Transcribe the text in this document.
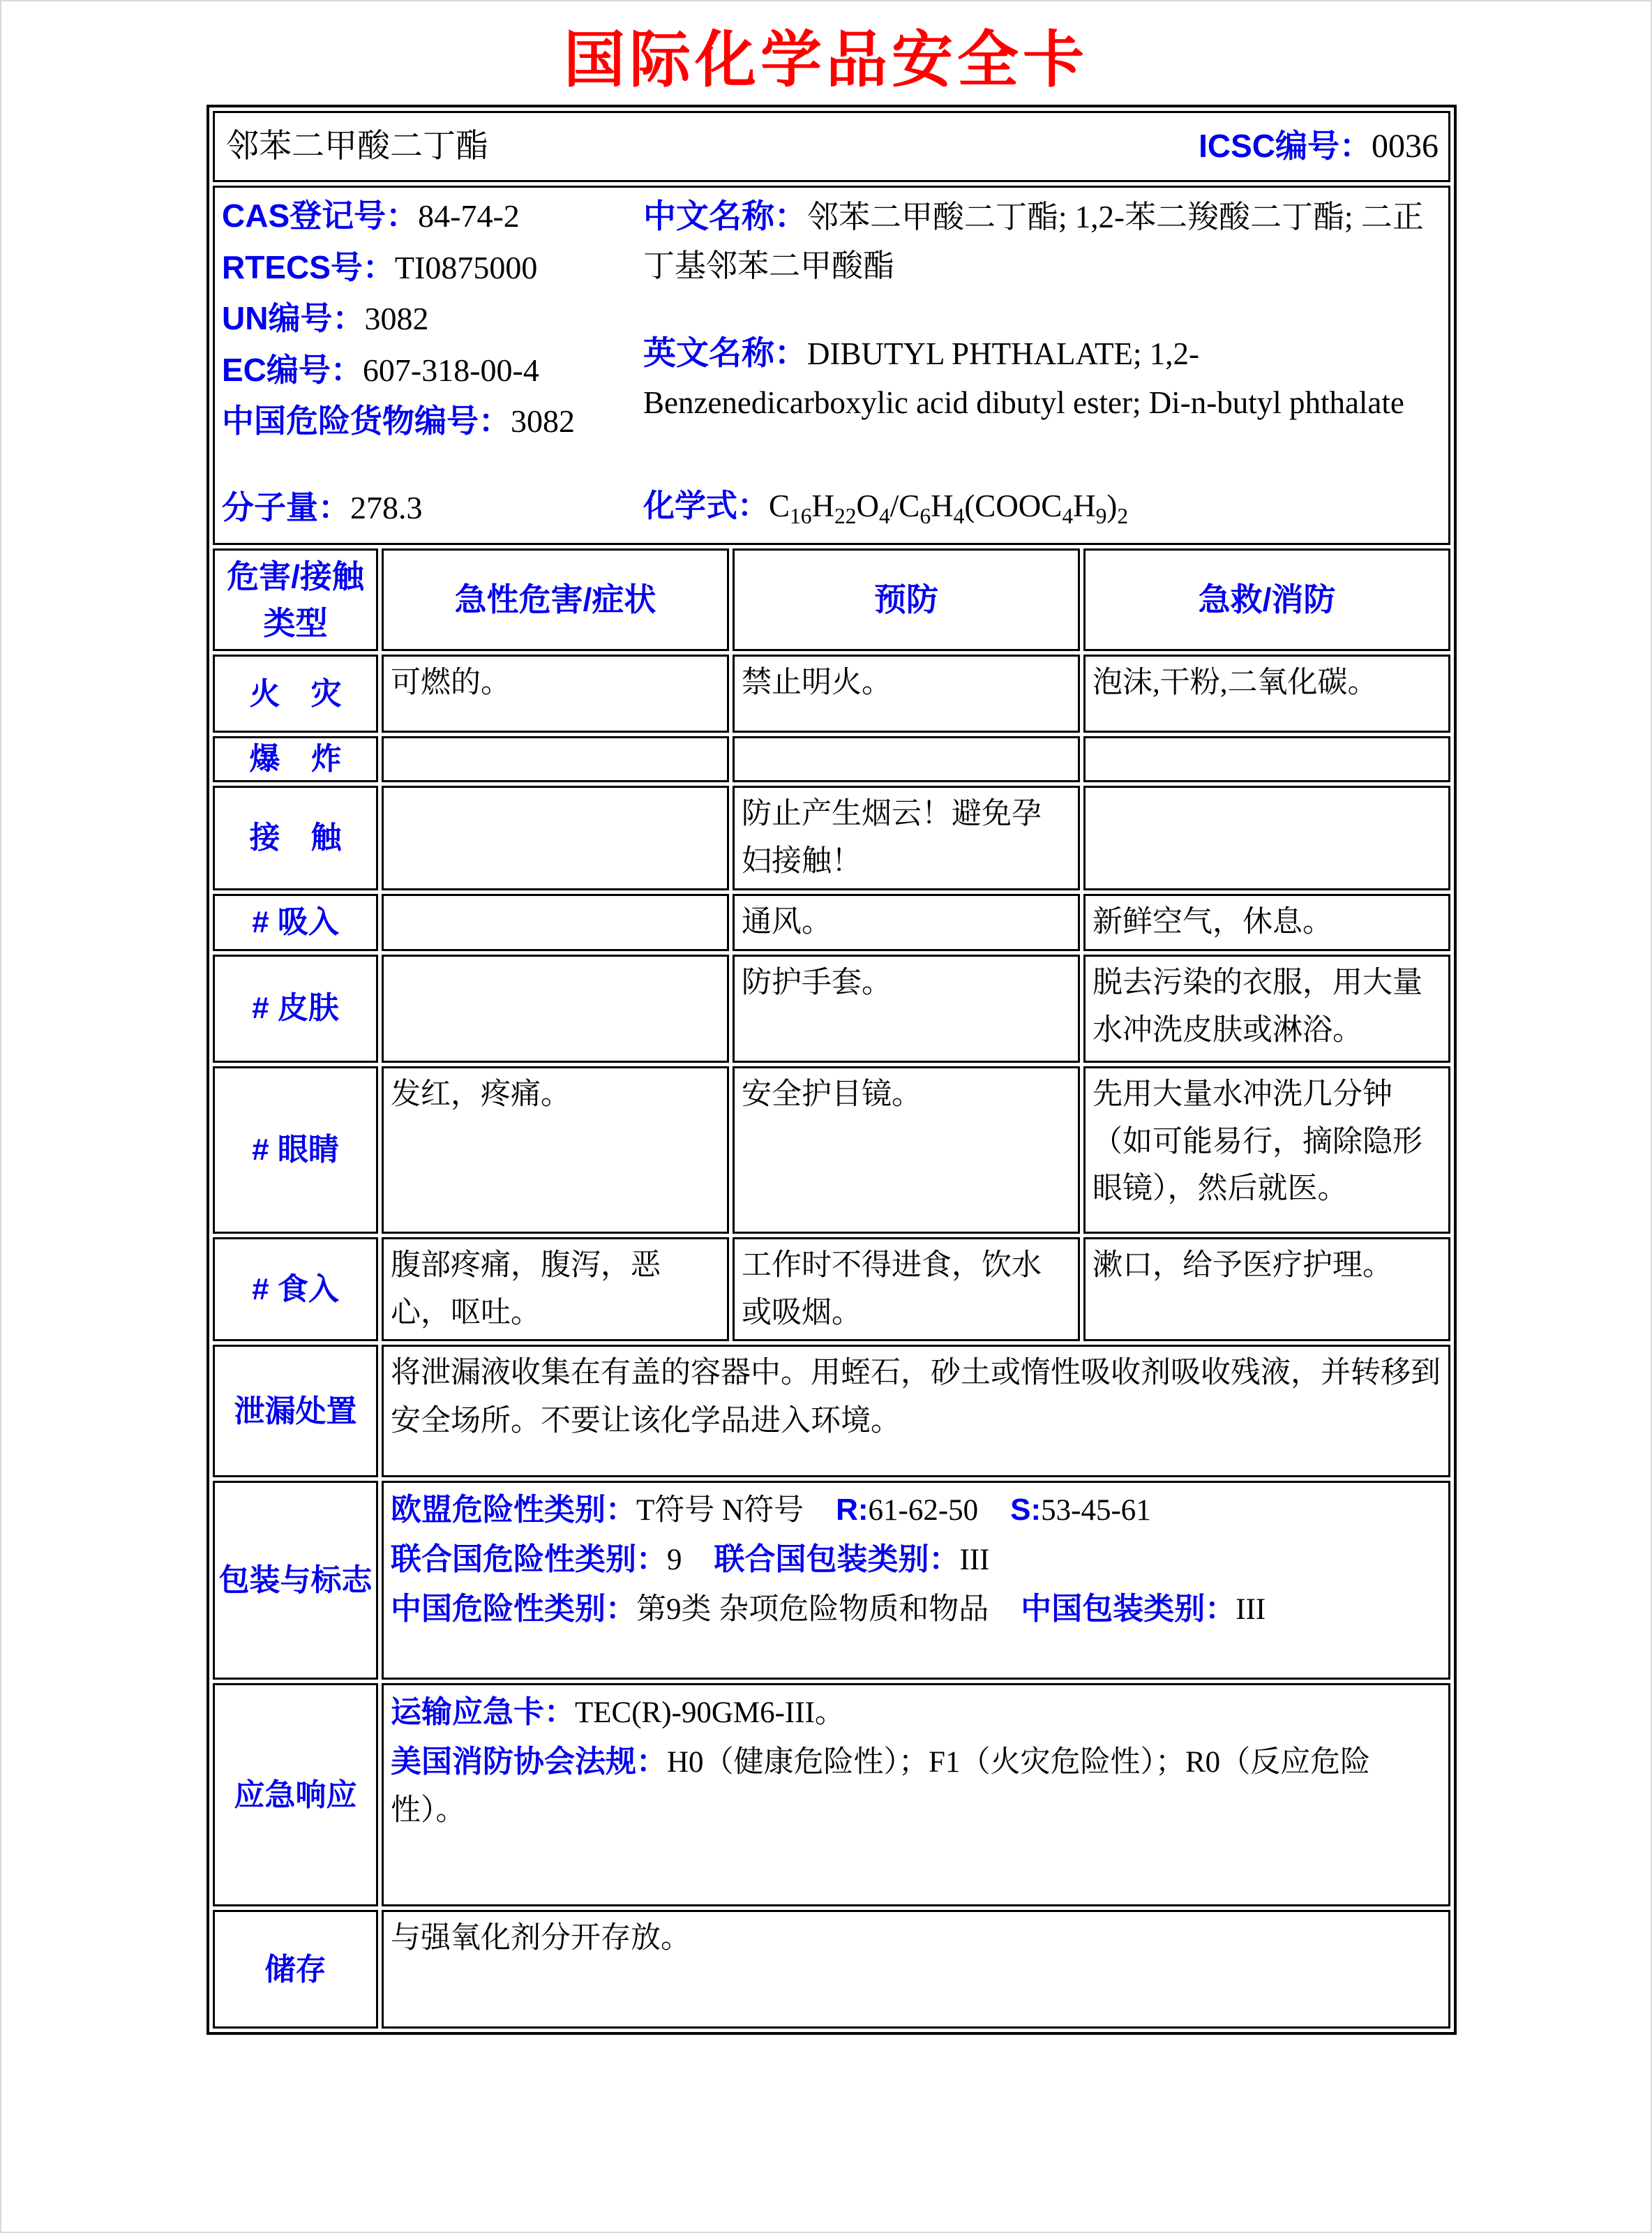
国际化学品安全卡
邻苯二甲酸二丁酯 ICSC编号：0036			

CAS登记号：84-74-2
RTECS号：TI0875000
UN编号：3082
EC编号：607-318-00-4
中国危险货物编号：3082
分子量：278.3
中文名称：邻苯二甲酸二丁酯; 1,2-苯二羧酸二丁酯; 二正丁基邻苯二甲酸酯
英文名称：DIBUTYL PHTHALATE; 1,2-Benzenedicarboxylic acid dibutyl ester; Di-n-butyl phthalate
化学式：$C_{16}H_{22}O_4/C_6H_4(COOC_4H_9)_2$

危害/接触类型	急性危害/症状	预防	急救/消防
火　灾	可燃的。	禁止明火。	泡沫,干粉,二氧化碳。
爆　炸			
接　触		防止产生烟云！避免孕妇接触！	
# 吸入		通风。	新鲜空气，休息。
# 皮肤		防护手套。	脱去污染的衣服，用大量水冲洗皮肤或淋浴。
# 眼睛	发红，疼痛。	安全护目镜。	先用大量水冲洗几分钟（如可能易行，摘除隐形眼镜），然后就医。
# 食入	腹部疼痛，腹泻，恶心，呕吐。	工作时不得进食，饮水或吸烟。	漱口，给予医疗护理。
泄漏处置	将泄漏液收集在有盖的容器中。用蛭石，砂土或惰性吸收剂吸收残液，并转移到安全场所。不要让该化学品进入环境。		

包装与标志	欧盟危险性类别：T符号 N符号 R:61-62-50 S:53-45-61
联合国危险性类别：9 联合国包装类别：III
中国危险性类别：第9类 杂项危险物质和物品 中国包装类别：III		

应急响应	运输应急卡：TEC(R)-90GM6-III。
美国消防协会法规：H0（健康危险性）；F1（火灾危险性）；R0（反应危险性）。		

储存	与强氧化剂分开存放。		
